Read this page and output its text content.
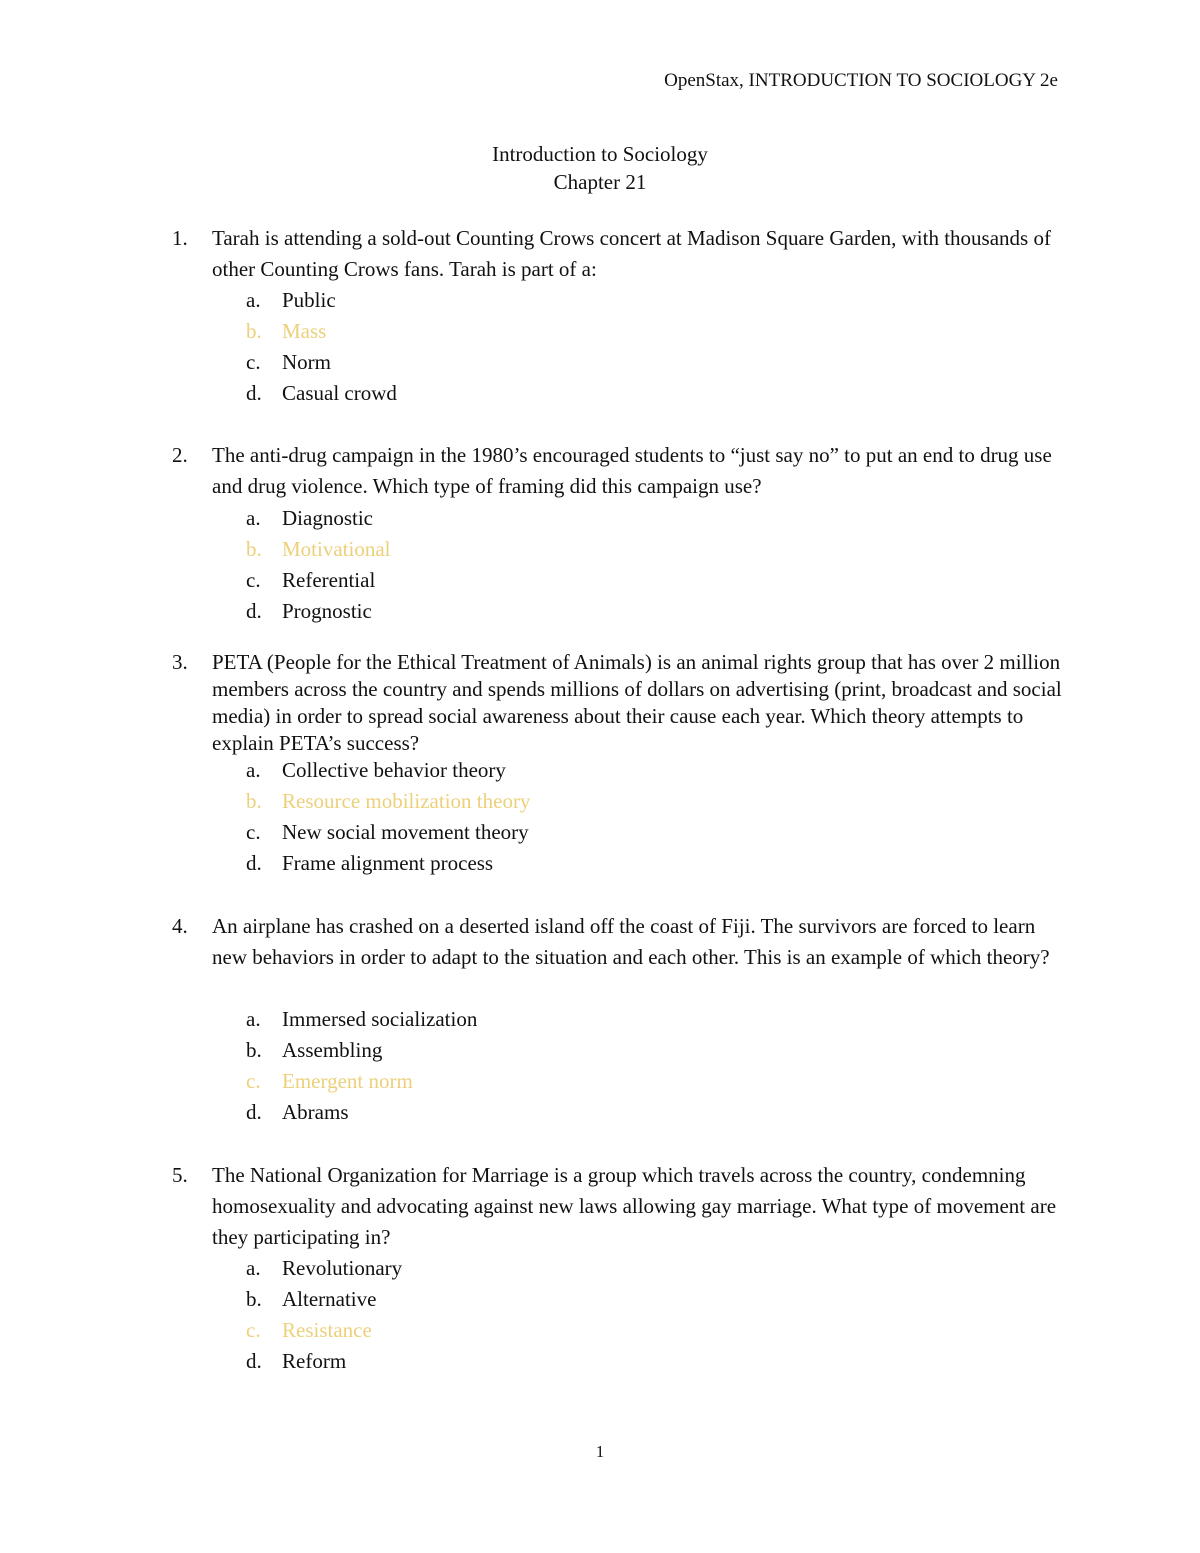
OpenStax, INTRODUCTION TO SOCIOLOGY 2e
Introduction to Sociology
Chapter 21
1.	Tarah is attending a sold-out Counting Crows concert at Madison Square Garden, with thousands of other Counting Crows fans. Tarah is part of a:
a. Public
b. Mass
c. Norm
d. Casual crowd
2.	The anti-drug campaign in the 1980’s encouraged students to “just say no” to put an end to drug use and drug violence. Which type of framing did this campaign use?
a. Diagnostic
b. Motivational
c. Referential
d. Prognostic
3.	PETA (People for the Ethical Treatment of Animals) is an animal rights group that has over 2 million members across the country and spends millions of dollars on advertising (print, broadcast and social media) in order to spread social awareness about their cause each year. Which theory attempts to explain PETA’s success?
a. Collective behavior theory
b. Resource mobilization theory
c. New social movement theory
d. Frame alignment process
4.	An airplane has crashed on a deserted island off the coast of Fiji. The survivors are forced to learn new behaviors in order to adapt to the situation and each other. This is an example of which theory?
a. Immersed socialization
b. Assembling
c. Emergent norm
d. Abrams
5.	The National Organization for Marriage is a group which travels across the country, condemning homosexuality and advocating against new laws allowing gay marriage. What type of movement are they participating in?
a. Revolutionary
b. Alternative
c. Resistance
d. Reform
1
